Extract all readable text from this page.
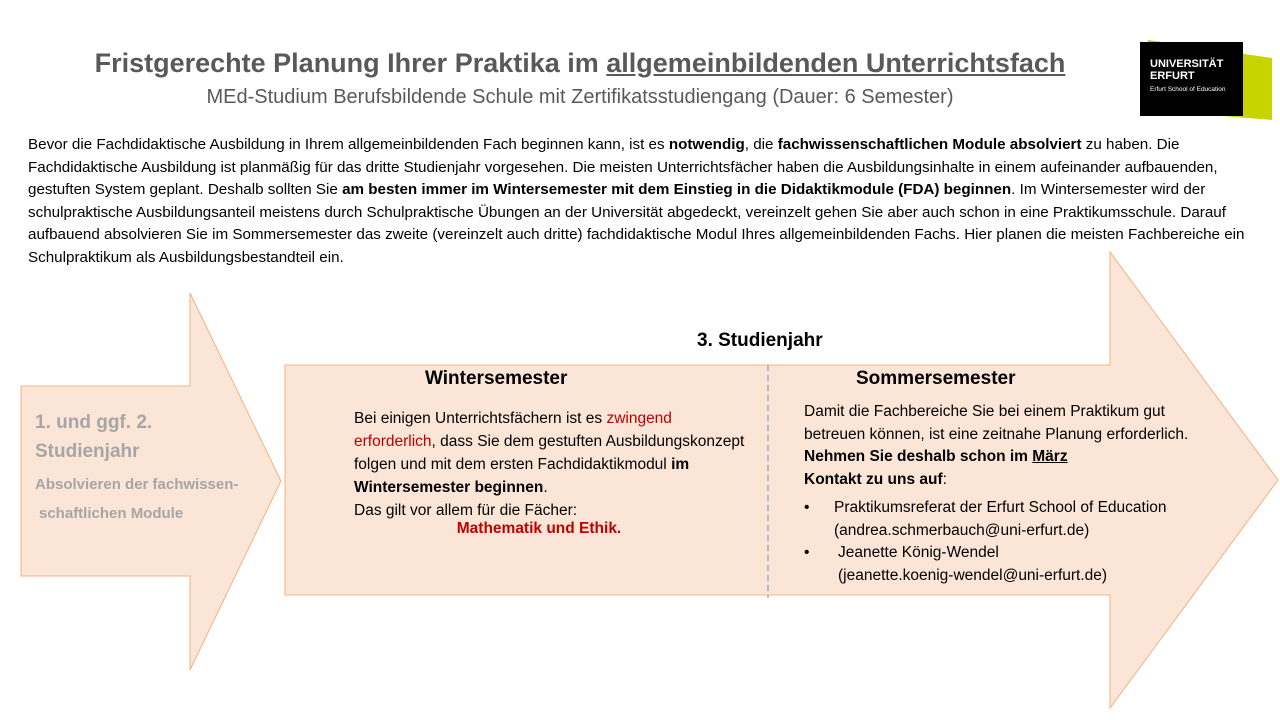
Fristgerechte Planung Ihrer Praktika im allgemeinbildenden Unterrichtsfach
MEd-Studium Berufsbildende Schule mit Zertifikatsstudiengang (Dauer: 6 Semester)
UNIVERSITÄT
ERFURT
Erfurt School of Education
Bevor die Fachdidaktische Ausbildung in Ihrem allgemeinbildenden Fach beginnen kann, ist es notwendig, die fachwissenschaftlichen Module absolviert zu haben. Die Fachdidaktische Ausbildung ist planmäßig für das dritte Studienjahr vorgesehen. Die meisten Unterrichtsfächer haben die Ausbildungsinhalte in einem aufeinander aufbauenden, gestuften System geplant. Deshalb sollten Sie am besten immer im Wintersemester mit dem Einstieg in die Didaktikmodule (FDA) beginnen. Im Wintersemester wird der schulpraktische Ausbildungsanteil meistens durch Schulpraktische Übungen an der Universität abgedeckt, vereinzelt gehen Sie aber auch schon in eine Praktikumsschule. Darauf aufbauend absolvieren Sie im Sommersemester das zweite (vereinzelt auch dritte) fachdidaktische Modul Ihres allgemeinbildenden Fachs. Hier planen die meisten Fachbereiche ein Schulpraktikum als Ausbildungsbestandteil ein.
1. und ggf. 2.
Studienjahr
Absolvieren der fachwissen-
schaftlichen Module
3. Studienjahr
Wintersemester	Sommersemester
Bei einigen Unterrichtsfächern ist es zwingend erforderlich, dass Sie dem gestuften Ausbildungskonzept folgen und mit dem ersten Fachdidaktikmodul im Wintersemester beginnen.
Das gilt vor allem für die Fächer:
Mathematik und Ethik.
Damit die Fachbereiche Sie bei einem Praktikum gut betreuen können, ist eine zeitnahe Planung erforderlich. Nehmen Sie deshalb schon im März
Kontakt zu uns auf:
• Praktikumsreferat der Erfurt School of Education
(andrea.schmerbauch@uni-erfurt.de)
• Jeanette König-Wendel
(jeanette.koenig-wendel@uni-erfurt.de)
